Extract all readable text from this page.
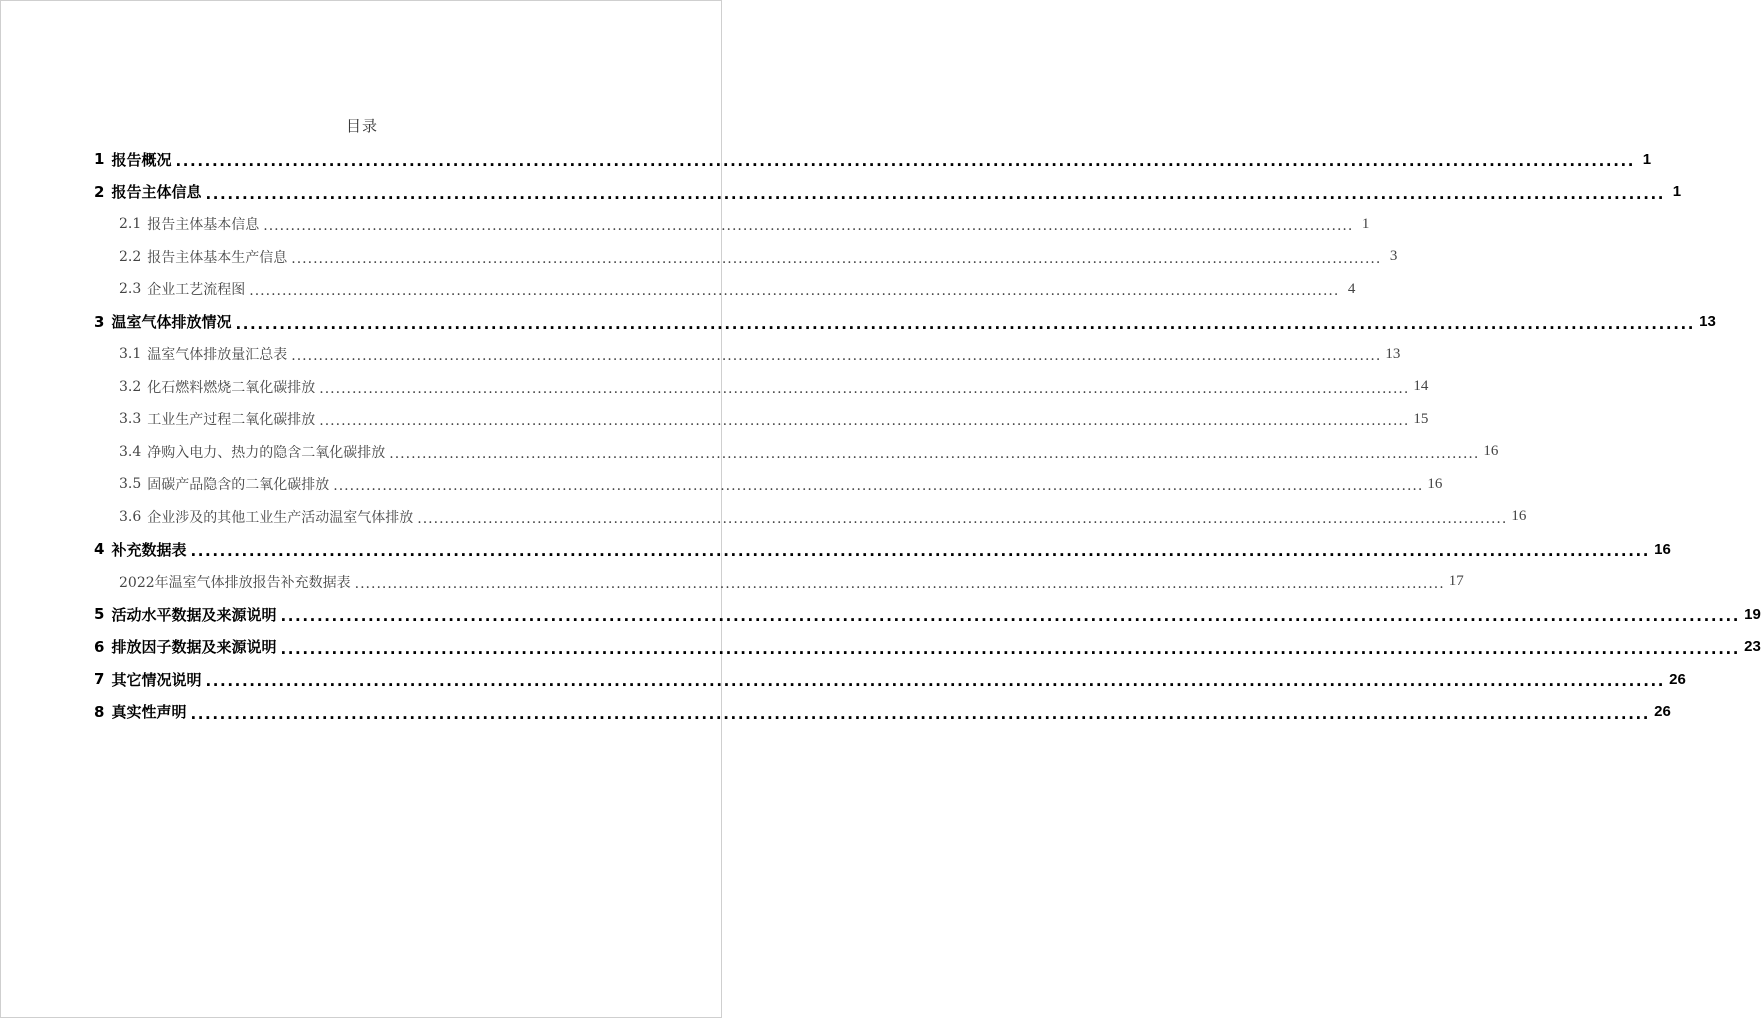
目录
1 报告概况 ........................................................................................................................................................................................................ 1
2 报告主体信息 ........................................................................................................................................................................................................ 1
2.1 报告主体基本信息 ........................................................................................................................................................................................................ 1
2.2 报告主体基本生产信息 ........................................................................................................................................................................................................ 3
2.3 企业工艺流程图 ........................................................................................................................................................................................................ 4
3 温室气体排放情况 ........................................................................................................................................................................................................ 13
3.1 温室气体排放量汇总表 ........................................................................................................................................................................................................ 13
3.2 化石燃料燃烧二氧化碳排放 ........................................................................................................................................................................................................ 14
3.3 工业生产过程二氧化碳排放 ........................................................................................................................................................................................................ 15
3.4 净购入电力、热力的隐含二氧化碳排放 ........................................................................................................................................................................................................ 16
3.5 固碳产品隐含的二氧化碳排放 ........................................................................................................................................................................................................ 16
3.6 企业涉及的其他工业生产活动温室气体排放 ........................................................................................................................................................................................................ 16
4 补充数据表 ........................................................................................................................................................................................................ 16
2022年温室气体排放报告补充数据表 ........................................................................................................................................................................................................ 17
5 活动水平数据及来源说明 ........................................................................................................................................................................................................ 19
6 排放因子数据及来源说明 ........................................................................................................................................................................................................ 23
7 其它情况说明 ........................................................................................................................................................................................................ 26
8 真实性声明 ........................................................................................................................................................................................................ 26
